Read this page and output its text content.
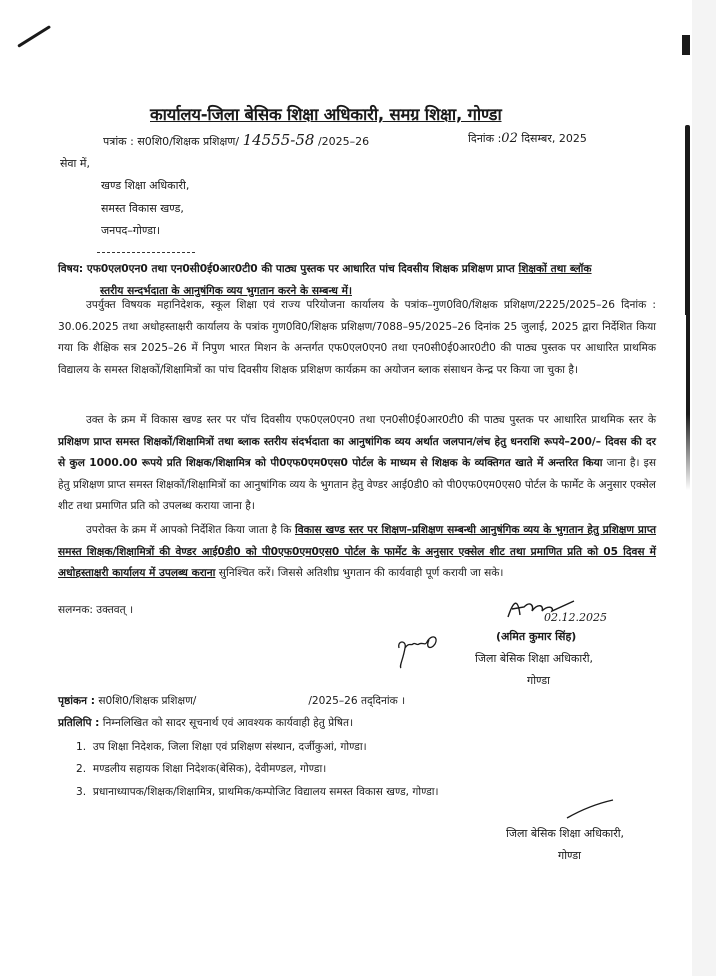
कार्यालय-जिला बेसिक शिक्षा अधिकारी, समग्र शिक्षा, गोण्डा
पत्रांक : स0शि0/शिक्षक प्रशिक्षण/ 14555-58 /2025–26	दिनांक :02 दिसम्बर, 2025
सेवा में,
खण्ड शिक्षा अधिकारी,
समस्त विकास खण्ड,
जनपद–गोण्डा।
विषय: एफ0एल0एन0 तथा एन0सी0ई0आर0टी0 की पाठ्य पुस्तक पर आधारित पांच दिवसीय शिक्षक प्रशिक्षण प्राप्त शिक्षकों तथा ब्लॉक
स्तरीय सन्दर्भदाता के आनुषंगिक व्यय भुगतान करने के सम्बन्ध में।
उपर्युक्त विषयक महानिदेशक, स्कूल शिक्षा एवं राज्य परियोजना कार्यालय के पत्रांक–गुण0वि0/शिक्षक प्रशिक्षण/2225/2025–26 दिनांक : 30.06.2025 तथा अधोहस्ताक्षरी कार्यालय के पत्रांक गुण0वि0/शिक्षक प्रशिक्षण/7088–95/2025–26 दिनांक 25 जुलाई, 2025 द्वारा निर्देशित किया गया कि शैक्षिक सत्र 2025–26 में निपुण भारत मिशन के अन्तर्गत एफ0एल0एन0 तथा एन0सी0ई0आर0टी0 की पाठ्य पुस्तक पर आधारित प्राथमिक विद्यालय के समस्त शिक्षकों/शिक्षामित्रों का पांच दिवसीय शिक्षक प्रशिक्षण कार्यक्रम का अयोजन ब्लाक संसाधन केन्द्र पर किया जा चुका है।
उक्त के क्रम में विकास खण्ड स्तर पर पॉच दिवसीय एफ0एल0एन0 तथा एन0सी0ई0आर0टी0 की पाठ्य पुस्तक पर आधारित प्राथमिक स्तर के प्रशिक्षण प्राप्त समस्त शिक्षकों/शिक्षामित्रों तथा ब्लाक स्तरीय संदर्भदाता का आनुषांगिक व्यय अर्थात जलपान/लंच हेतु धनराशि रूपये–200/– दिवस की दर से कुल 1000.00 रूपये प्रति शिक्षक/शिक्षामित्र को पी0एफ0एम0एस0 पोर्टल के माध्यम से शिक्षक के व्यक्तिगत खाते में अन्तरित किया जाना है। इस हेतु प्रशिक्षण प्राप्त समस्त शिक्षकों/शिक्षामित्रों का आनुषांगिक व्यय के भुगतान हेतु वेण्डर आई0डी0 को पी0एफ0एम0एस0 पोर्टल के फार्मेट के अनुसार एक्सेल शीट तथा प्रमाणित प्रति को उपलब्ध कराया जाना है।
उपरोक्त के क्रम में आपको निर्देशित किया जाता है कि विकास खण्ड स्तर पर शिक्षण–प्रशिक्षण सम्बन्धी आनुषंगिक व्यय के भुगतान हेतु प्रशिक्षण प्राप्त समस्त शिक्षक/शिक्षामित्रों की वेण्डर आई0डी0 को पी0एफ0एम0एस0 पोर्टल के फार्मेट के अनुसार एक्सेल शीट तथा प्रमाणित प्रति को 05 दिवस में अधोहस्ताक्षरी कार्यालय में उपलब्ध कराना सुनिश्चित करें। जिससे अतिशीघ्र भुगतान की कार्यवाही पूर्ण करायी जा सके।
सलग्नक: उक्तवत् ।
02.12.2025
(अमित कुमार सिंह)
जिला बेसिक शिक्षा अधिकारी,
गोण्डा
पृष्ठांकन : स0शि0/शिक्षक प्रशिक्षण/	/2025–26 तद्‌दिनांक ।
प्रतिलिपि : निम्नलिखित को सादर सूचनार्थ एवं आवश्यक कार्यवाही हेतु प्रेषित।
1. उप शिक्षा निदेशक, जिला शिक्षा एवं प्रशिक्षण संस्थान, दर्जीकुआं, गोण्डा।
2. मण्डलीय सहायक शिक्षा निदेशक(बेसिक), देवीमण्डल, गोण्डा।
3. प्रधानाध्यापक/शिक्षक/शिक्षामित्र, प्राथमिक/कम्पोजिट विद्यालय समस्त विकास खण्ड, गोण्डा।
जिला बेसिक शिक्षा अधिकारी,
गोण्डा
